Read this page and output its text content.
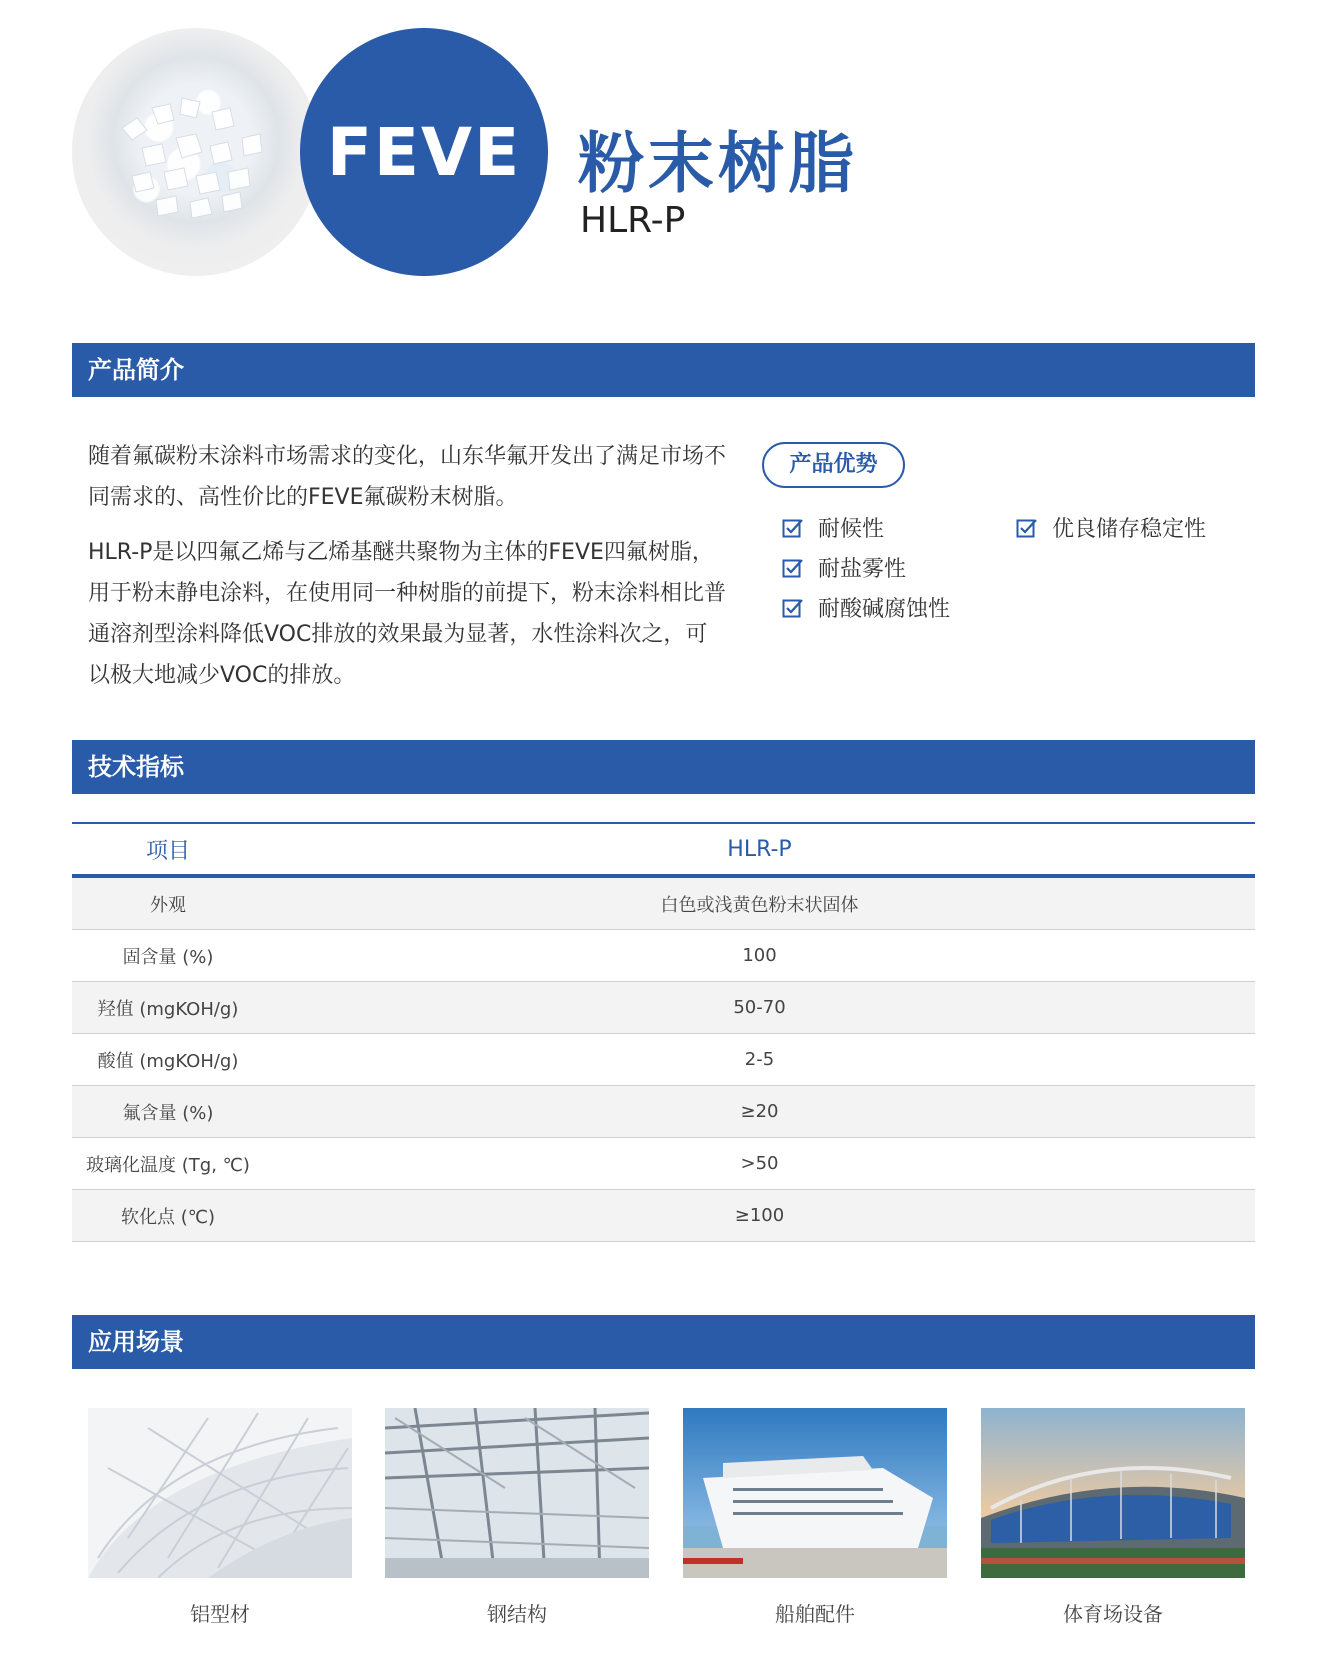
FEVE 粉末树脂
HLR-P
产品简介

随着氟碳粉末涂料市场需求的变化，山东华氟开发出了满足市场不同需求的、高性价比的FEVE氟碳粉末树脂。

HLR-P是以四氟乙烯与乙烯基醚共聚物为主体的FEVE四氟树脂，用于粉末静电涂料，在使用同一种树脂的前提下，粉末涂料相比普通溶剂型涂料降低VOC排放的效果最为显著，水性涂料次之，可以极大地减少VOC的排放。

产品优势
耐候性
耐盐雾性
耐酸碱腐蚀性
优良储存稳定性
技术指标
项目	HLR-P
外观	白色或浅黄色粉末状固体
固含量 (%)	100
羟值 (mgKOH/g)	50-70
酸值 (mgKOH/g)	2-5
氟含量 (%)	≥20
玻璃化温度 (Tg, ℃)	>50
软化点 (℃)	≥100
应用场景
铝型材	钢结构	船舶配件	体育场设备
